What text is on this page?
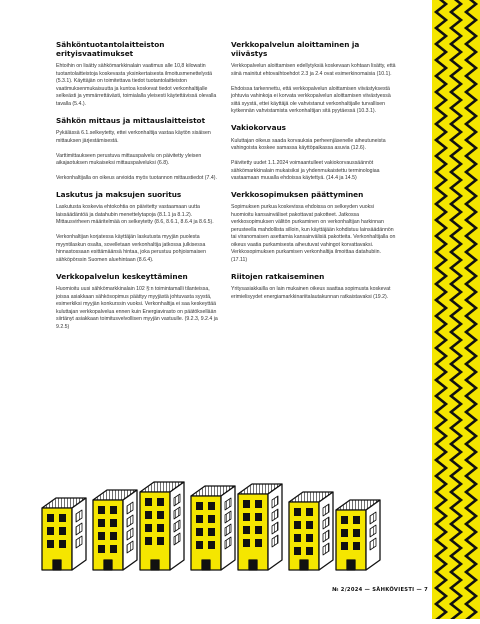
Sähköntuotantolaitteiston erityisvaatimukset

Ehtoihin on lisätty sähkömarkkinalain vaatimus alle 10,8 kilowatin tuotantolaitteistoja koskevasta yksinkertaisesta ilmoitusmenettelystä (5.3.1). Käyttäjän on toimitettava tiedot tuotantolaitteiston vaatimuksenmukaisuutta ja kuntoa koskevat tiedot verkonhaltijalle selkeästi ja ymmärrettävästi, toimialalla yleisesti käytettävissä olevalla tavalla (5.4.).

Sähkön mittaus ja mittauslaitteistot

Pykälässä 6.1.selkeytetty, ettei verkonhaltija vastaa käytön sisäisen mittauksen järjestämisestä.

Varttimittaukseen perustuva mittauspalvelu on päivitetty yleisen aikajaotuksen mukaiseksi mittauspalveluksi (6.8).

Verkonhaltijalla on oikeus arvioida myös tuotannon mittaustiedot (7.4).

Laskutus ja maksujen suoritus

Laskutusta koskevia ehtokohtia on päivitetty vastaamaan uutta laissäädäntöä ja datahubin menettelytapoja (8.1.1 ja 8.1.2). Mittausvirheen määritelmää on selkeytetty (8.6, 8.6.1, 8.6.4 ja 8.6.5).

Verkonhaltijan korjatessa käyttäjän laskutusta myyjän puolesta myyntilaskun osalta, sovelletaan verkonhaltija jatkossa julkisessa hinnastossaan esittämäänsä hintaa, joka perustuu pohjoismaisen sähköpörssin Suomen aluehintaan (8.6.4).

Verkkopalvelun keskeyttäminen

Huomioitu uusi sähkömarkkinalain 102 §:n toimintamalli tilanteissa, joissa asiakkaan sähkösopimus päättyy myyjästä johtuvasta syystä, esimerkiksi myyjän konkurssin vuoksi. Verkonhaltija ei saa keskeyttää kuluttajan verkkopalvelua ennen kuin Energiavirasto on päätöksellään siirtänyt asiakkaan toimitusvelvollisen myyjän vastuulle. (9.2.3, 9.2.4 ja 9.2.5)

Verkkopalvelun aloittaminen ja viivästys

Verkkopalvelun aloittamisen edellytyksiä koskevaan kohtaan lisätty, että siinä mainitut ehtovaihtoehdot 2.3 ja 2.4 ovat esimerkinomaisia (10.1).

Ehdoissa tarkennettu, että verkkopalvelun aloittamisen viivästyksestä johtuvia vahinkoja ei korvata verkkopalvelun aloittamisen viivästyessä siitä syystä, ettei käyttäjä ole vahvistanut verkonhaltijalle turvallisen kytkennän vahvistamista verkonhaltijan sitä pyytäessä (10.3.1).

Vakiokorvaus

Kuluttajan oikeus saada korvauksia perheenjäsenelle aiheutuneista vahingoista koskee samassa käyttöpaikassa asuvia (12.6).

Päivitetty uudet 1.1.2024 voimaantulleet vakiokorvaussäännöt sähkömarkkinalain mukaisiksi ja yhdenmukaistettu terminologiaa vastaamaan muualla ehdoissa käytettyä. (14.4 ja 14.5)

Verkkosopimuksen päättyminen

Sopimuksen purkua koskevissa ehdoissa on selkeyden vuoksi huomioitu kansainväliset pakottavat pakotteet. Jatkossa verkkosopimuksen välitön purkaminen on verkonhaltijan harkinnan perusteella mahdollista silloin, kun käyttäjään kohdistuu lainsäädännön tai viranomaisen asettamia kansainvälisiä pakotteita. Verkonhaltijalla on oikeus vaatia purkamisesta aiheutuvat vahingot korvattavaksi. Verkkosopimuksen purkamisen verkonhaltija ilmoittaa datahubiin. (17.11)

Riitojen ratkaiseminen

Yritysasiakkailla on lain mukainen oikeus saattaa sopimusta koskevat erimielisyydet energiamarkkinariitalautakunnan ratkaistavaksi (19.2).

№ 2/2024 — SÄHKÖVIESTI — 7
